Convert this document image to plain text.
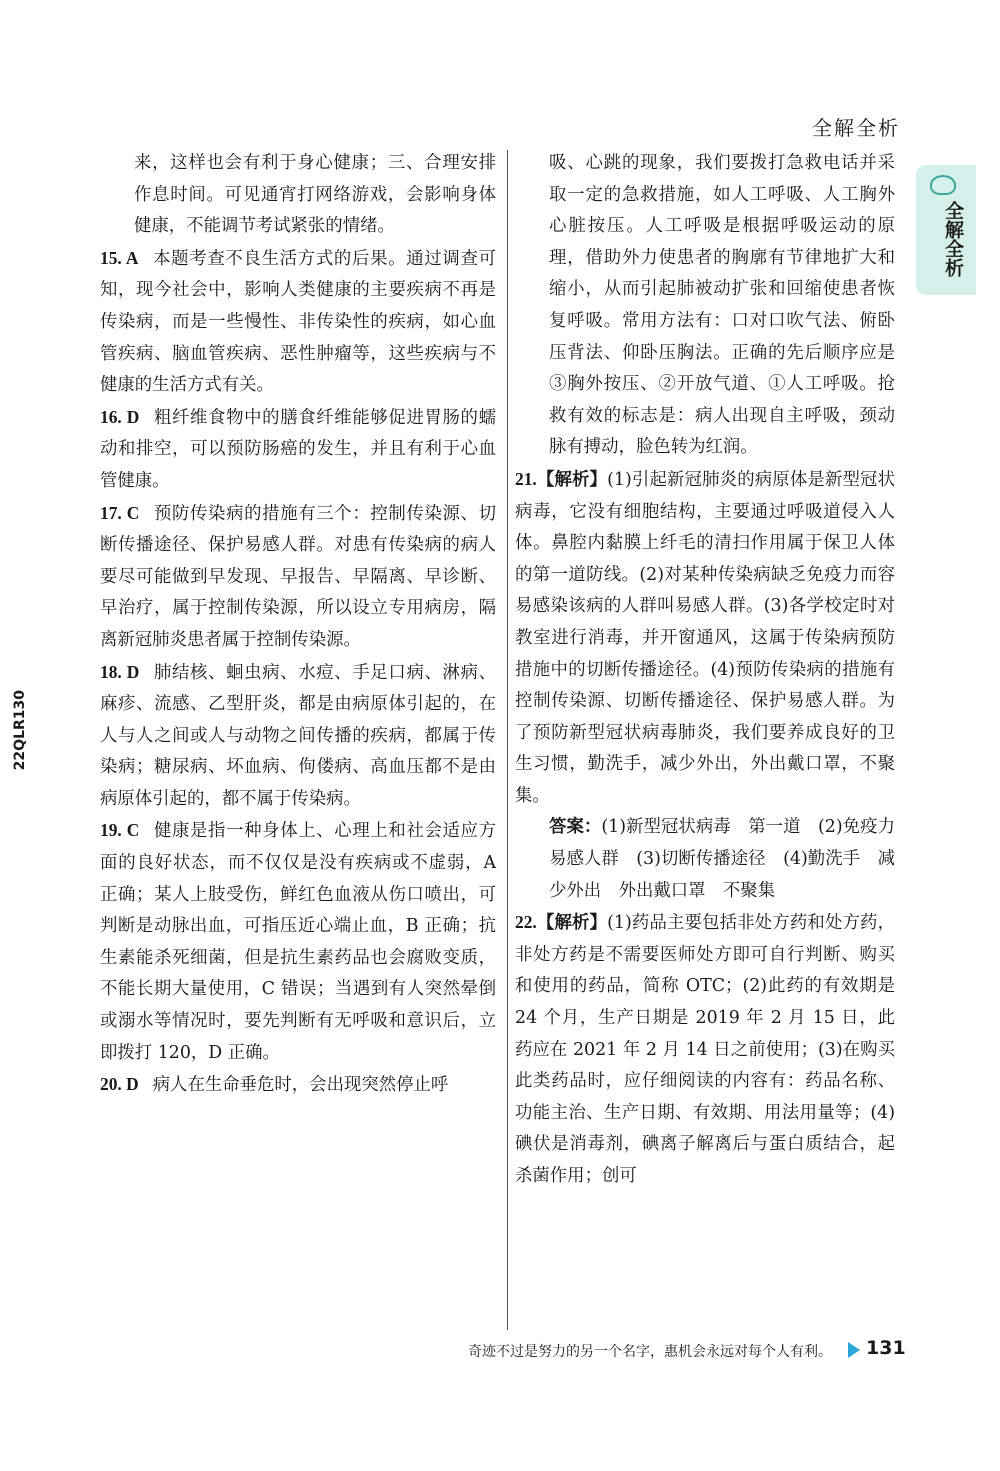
全解全析
全解全析
22QLR130

来，这样也会有利于身心健康；三、合理安排作息时间。可见通宵打网络游戏，会影响身体健康，不能调节考试紧张的情绪。

15. A 本题考查不良生活方式的后果。通过调查可知，现今社会中，影响人类健康的主要疾病不再是传染病，而是一些慢性、非传染性的疾病，如心血管疾病、脑血管疾病、恶性肿瘤等，这些疾病与不健康的生活方式有关。

16. D 粗纤维食物中的膳食纤维能够促进胃肠的蠕动和排空，可以预防肠癌的发生，并且有利于心血管健康。

17. C 预防传染病的措施有三个：控制传染源、切断传播途径、保护易感人群。对患有传染病的病人要尽可能做到早发现、早报告、早隔离、早诊断、早治疗，属于控制传染源，所以设立专用病房，隔离新冠肺炎患者属于控制传染源。

18. D 肺结核、蛔虫病、水痘、手足口病、淋病、麻疹、流感、乙型肝炎，都是由病原体引起的，在人与人之间或人与动物之间传播的疾病，都属于传染病；糖尿病、坏血病、佝偻病、高血压都不是由病原体引起的，都不属于传染病。

19. C 健康是指一种身体上、心理上和社会适应方面的良好状态，而不仅仅是没有疾病或不虚弱，A 正确；某人上肢受伤，鲜红色血液从伤口喷出，可判断是动脉出血，可指压近心端止血，B 正确；抗生素能杀死细菌，但是抗生素药品也会腐败变质，不能长期大量使用，C 错误；当遇到有人突然晕倒或溺水等情况时，要先判断有无呼吸和意识后，立即拨打 120，D 正确。

20. D 病人在生命垂危时，会出现突然停止呼

吸、心跳的现象，我们要拨打急救电话并采取一定的急救措施，如人工呼吸、人工胸外心脏按压。人工呼吸是根据呼吸运动的原理，借助外力使患者的胸廓有节律地扩大和缩小，从而引起肺被动扩张和回缩使患者恢复呼吸。常用方法有：口对口吹气法、俯卧压背法、仰卧压胸法。正确的先后顺序应是③胸外按压、②开放气道、①人工呼吸。抢救有效的标志是：病人出现自主呼吸，颈动脉有搏动，脸色转为红润。

21.【解析】(1)引起新冠肺炎的病原体是新型冠状病毒，它没有细胞结构，主要通过呼吸道侵入人体。鼻腔内黏膜上纤毛的清扫作用属于保卫人体的第一道防线。(2)对某种传染病缺乏免疫力而容易感染该病的人群叫易感人群。(3)各学校定时对教室进行消毒，并开窗通风，这属于传染病预防措施中的切断传播途径。(4)预防传染病的措施有控制传染源、切断传播途径、保护易感人群。为了预防新型冠状病毒肺炎，我们要养成良好的卫生习惯，勤洗手，减少外出，外出戴口罩，不聚集。

答案：(1)新型冠状病毒　第一道　(2)免疫力　易感人群　(3)切断传播途径　(4)勤洗手　减少外出　外出戴口罩　不聚集

22.【解析】(1)药品主要包括非处方药和处方药，非处方药是不需要医师处方即可自行判断、购买和使用的药品，简称 OTC；(2)此药的有效期是 24 个月，生产日期是 2019 年 2 月 15 日，此药应在 2021 年 2 月 14 日之前使用；(3)在购买此类药品时，应仔细阅读的内容有：药品名称、功能主治、生产日期、有效期、用法用量等；(4)碘伏是消毒剂，碘离子解离后与蛋白质结合，起杀菌作用；创可

奇迹不过是努力的另一个名字，惠机会永远对每个人有利。 131
